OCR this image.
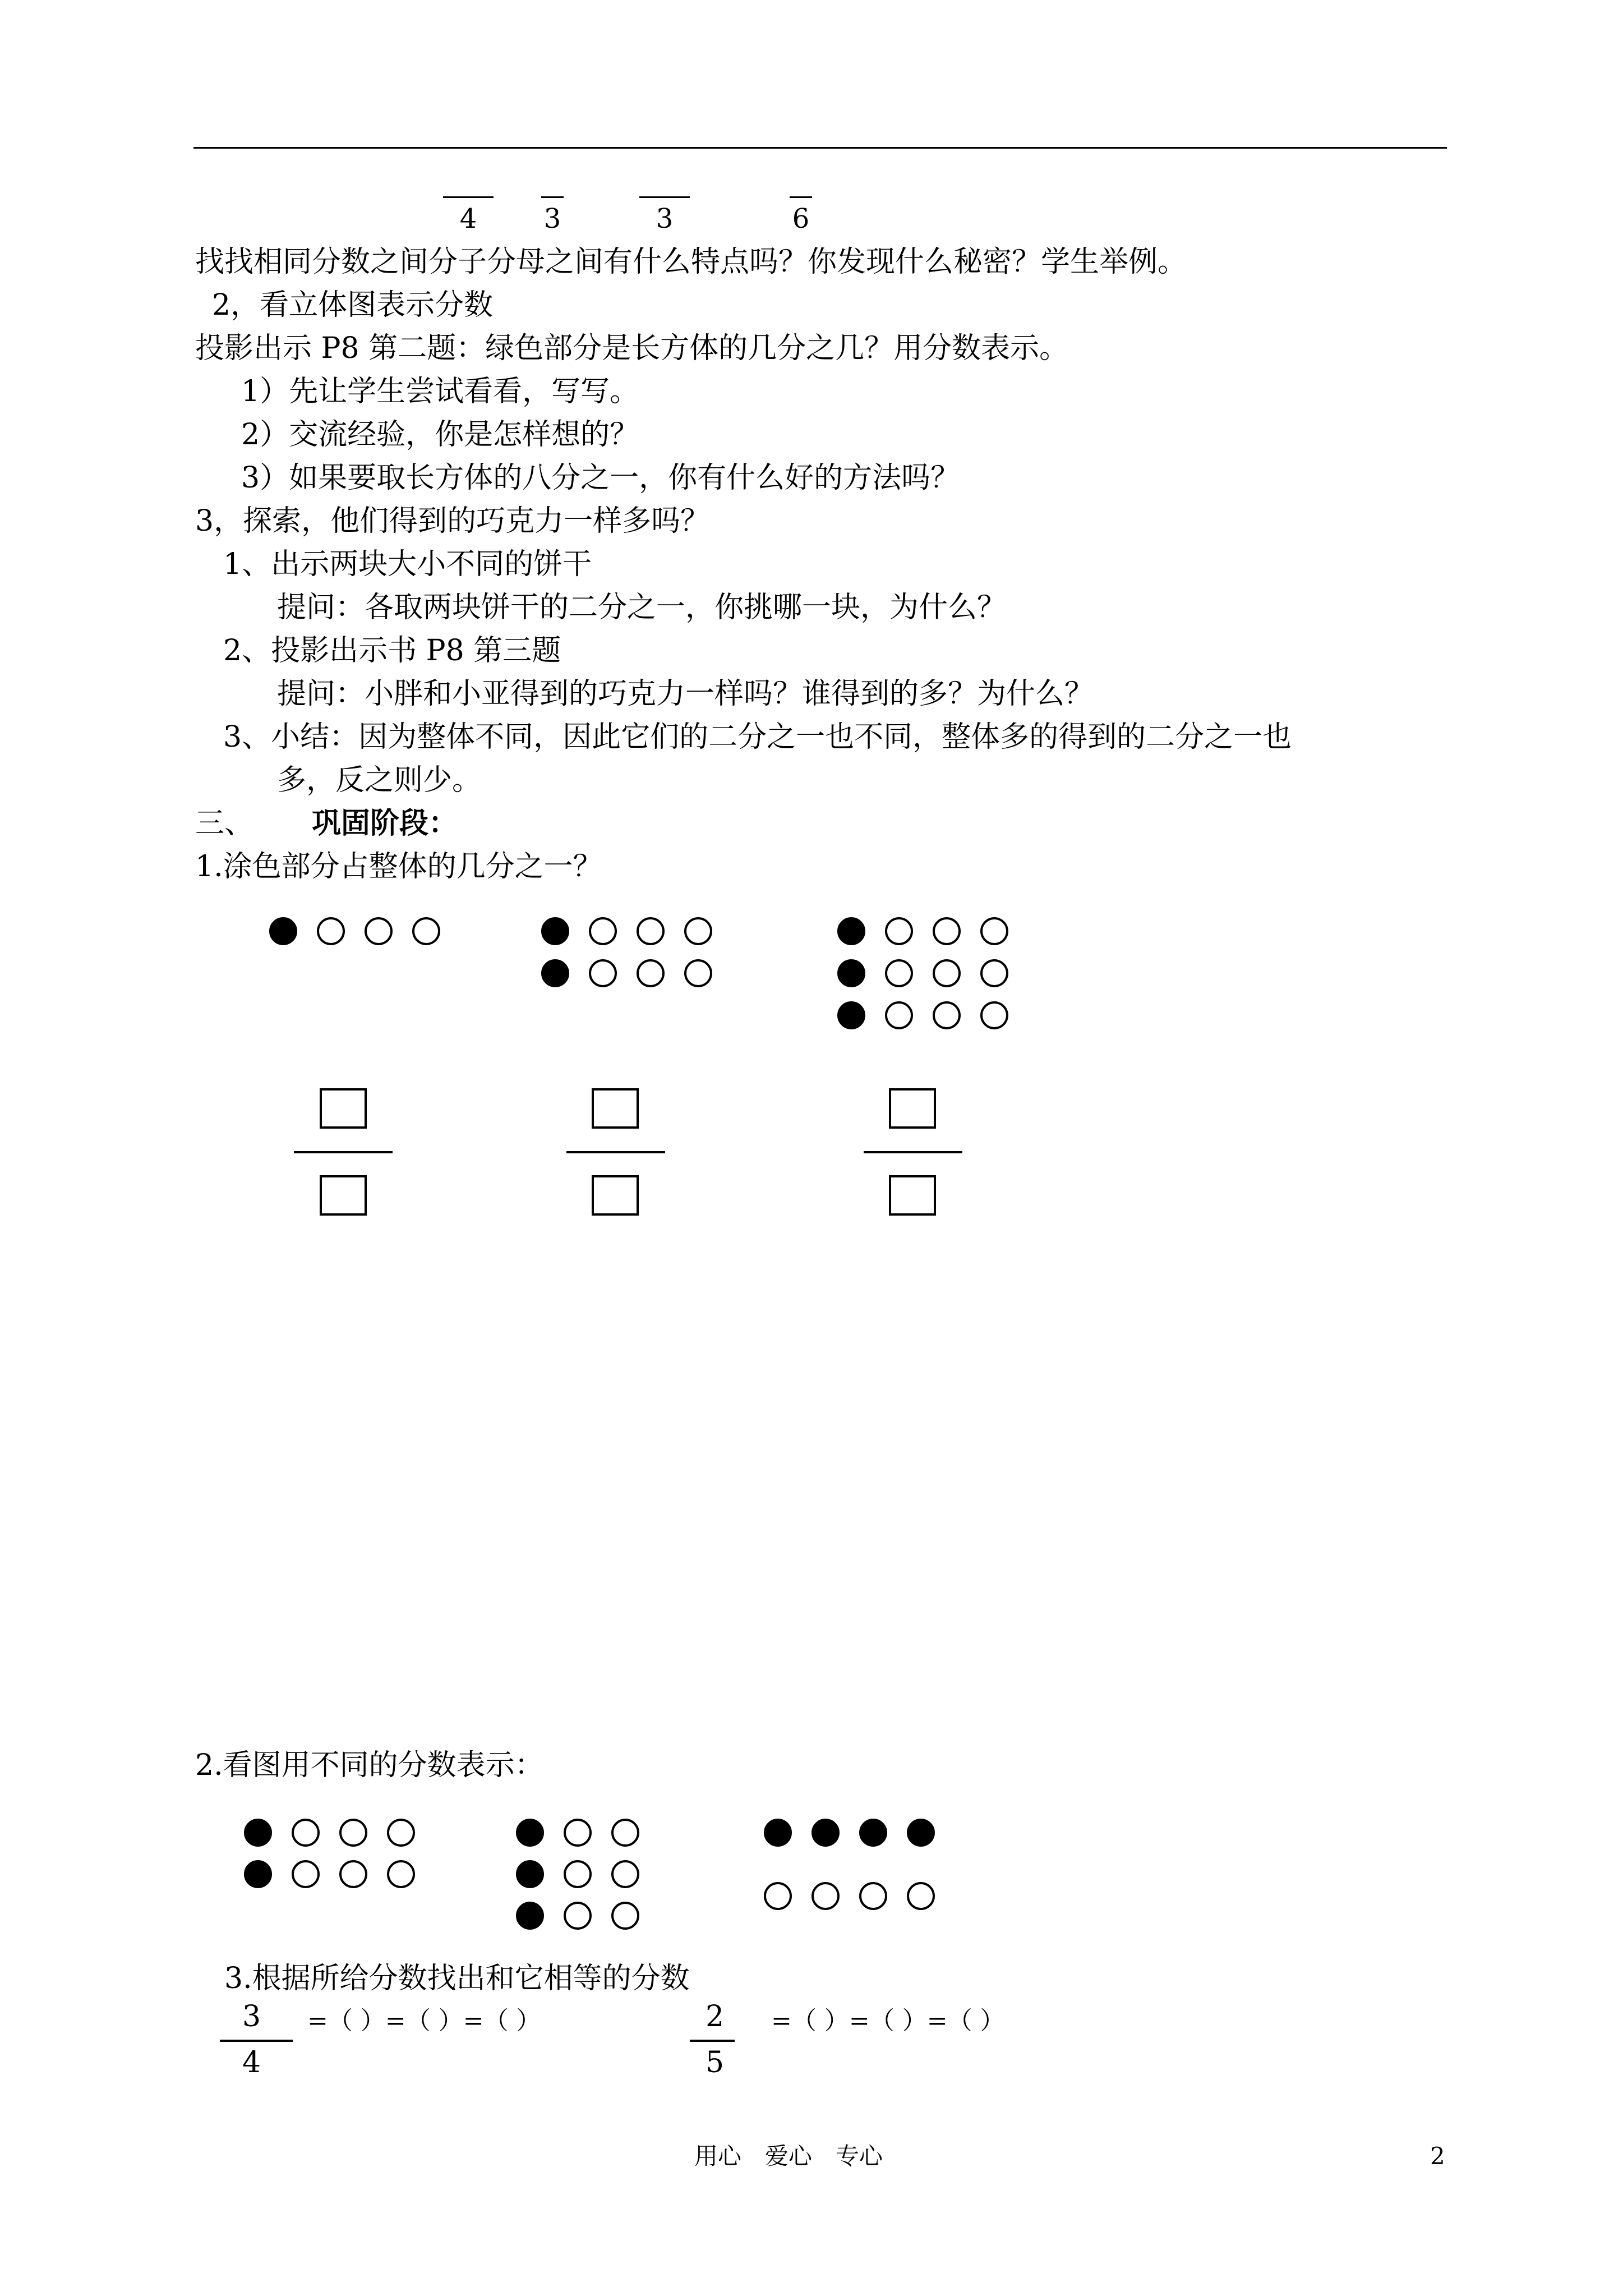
4	3	3	6
找找相同分数之间分子分母之间有什么特点吗？你发现什么秘密？学生举例。
2，看立体图表示分数
投影出示 P8 第二题：绿色部分是长方体的几分之几？用分数表示。
1）先让学生尝试看看，写写。
2）交流经验，你是怎样想的？
3）如果要取长方体的八分之一，你有什么好的方法吗？
3，探索，他们得到的巧克力一样多吗？
1、出示两块大小不同的饼干
提问：各取两块饼干的二分之一，你挑哪一块，为什么？
2、投影出示书 P8 第三题
提问：小胖和小亚得到的巧克力一样吗？谁得到的多？为什么？
3、小结：因为整体不同，因此它们的二分之一也不同，整体多的得到的二分之一也
多，反之则少。
三、 巩固阶段：
1.涂色部分占整体的几分之一？
2.看图用不同的分数表示：
3.根据所给分数找出和它相等的分数
3
4
=（ ）=（ ）=（ ）	2
5
=（ ）=（ ）=（ ）
用心　爱心　专心	2
